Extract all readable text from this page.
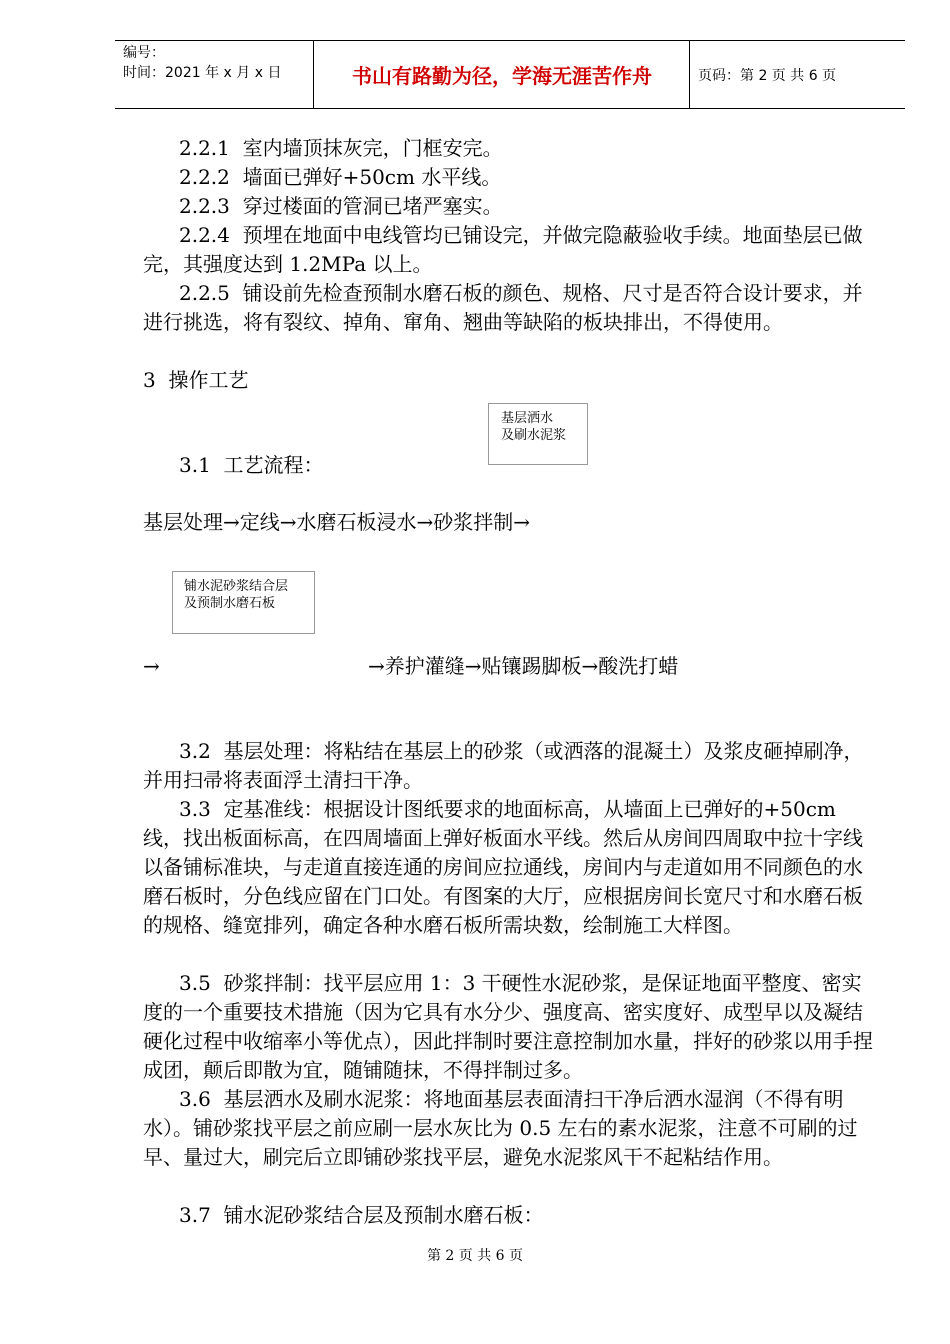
编号：
时间：2021 年 x 月 x 日	书山有路勤为径，学海无涯苦作舟	页码：第 2 页 共 6 页
2.2.1  室内墙顶抹灰完，门框安完。
2.2.2  墙面已弹好+50cm 水平线。
2.2.3  穿过楼面的管洞已堵严塞实。
2.2.4  预埋在地面中电线管均已铺设完，并做完隐蔽验收手续。地面垫层已做完，其强度达到 1.2MPa 以上。
2.2.5  铺设前先检查预制水磨石板的颜色、规格、尺寸是否符合设计要求，并进行挑选，将有裂纹、掉角、窜角、翘曲等缺陷的板块排出，不得使用。
3  操作工艺
基层洒水
及刷水泥浆
3.1  工艺流程：
基层处理→定线→水磨石板浸水→砂浆拌制→
铺水泥砂浆结合层
及预制水磨石板
→	→养护灌缝→贴镶踢脚板→酸洗打蜡
3.2  基层处理：将粘结在基层上的砂浆（或洒落的混凝土）及浆皮砸掉刷净，并用扫帚将表面浮土清扫干净。
3.3  定基准线：根据设计图纸要求的地面标高，从墙面上已弹好的+50cm 线，找出板面标高，在四周墙面上弹好板面水平线。然后从房间四周取中拉十字线以备铺标准块，与走道直接连通的房间应拉通线，房间内与走道如用不同颜色的水磨石板时，分色线应留在门口处。有图案的大厅，应根据房间长宽尺寸和水磨石板的规格、缝宽排列，确定各种水磨石板所需块数，绘制施工大样图。
3.5  砂浆拌制：找平层应用 1：3 干硬性水泥砂浆，是保证地面平整度、密实度的一个重要技术措施（因为它具有水分少、强度高、密实度好、成型早以及凝结硬化过程中收缩率小等优点），因此拌制时要注意控制加水量，拌好的砂浆以用手捏成团，颠后即散为宜，随铺随抹，不得拌制过多。
3.6  基层洒水及刷水泥浆：将地面基层表面清扫干净后洒水湿润（不得有明水）。铺砂浆找平层之前应刷一层水灰比为 0.5 左右的素水泥浆，注意不可刷的过早、量过大，刷完后立即铺砂浆找平层，避免水泥浆风干不起粘结作用。
3.7  铺水泥砂浆结合层及预制水磨石板：
第 2 页 共 6 页
